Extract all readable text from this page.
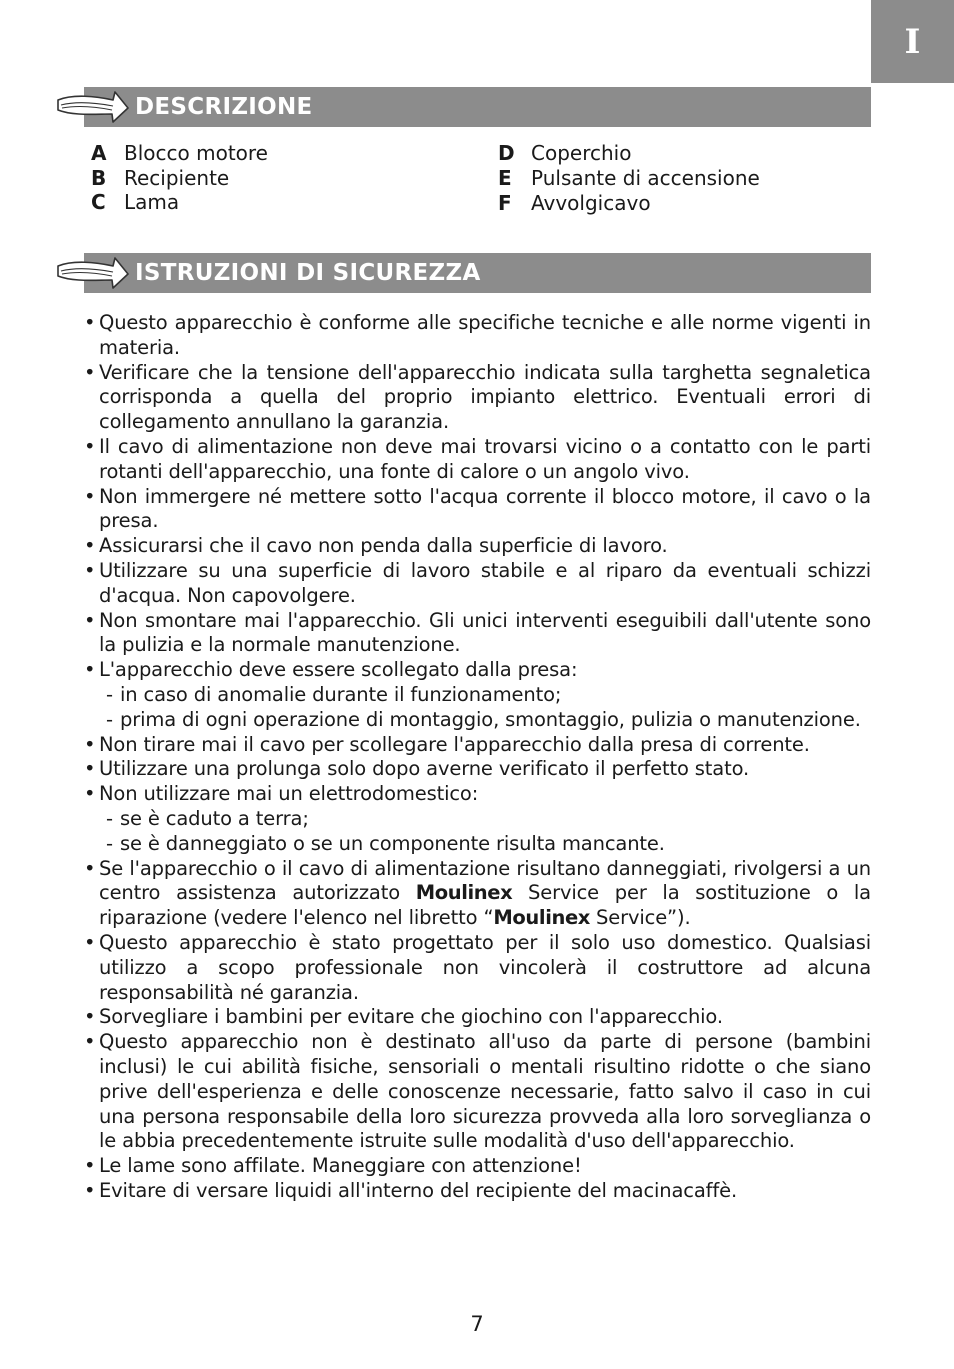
I
DESCRIZIONE
A Blocco motore
B Recipiente
C Lama
D Coperchio
E Pulsante di accensione
F Avvolgicavo
ISTRUZIONI DI SICUREZZA
• Questo apparecchio è conforme alle specifiche tecniche e alle norme vigenti in materia.
• Verificare che la tensione dell'apparecchio indicata sulla targhetta segnaletica corrisponda a quella del proprio impianto elettrico. Eventuali errori di collegamento annullano la garanzia.
• Il cavo di alimentazione non deve mai trovarsi vicino o a contatto con le parti rotanti dell'apparecchio, una fonte di calore o un angolo vivo.
• Non immergere né mettere sotto l'acqua corrente il blocco motore, il cavo o la presa.
• Assicurarsi che il cavo non penda dalla superficie di lavoro.
• Utilizzare su una superficie di lavoro stabile e al riparo da eventuali schizzi d'acqua. Non capovolgere.
• Non smontare mai l'apparecchio. Gli unici interventi eseguibili dall'utente sono la pulizia e la normale manutenzione.
• L'apparecchio deve essere scollegato dalla presa:
- in caso di anomalie durante il funzionamento;
- prima di ogni operazione di montaggio, smontaggio, pulizia o manutenzione.
• Non tirare mai il cavo per scollegare l'apparecchio dalla presa di corrente.
• Utilizzare una prolunga solo dopo averne verificato il perfetto stato.
• Non utilizzare mai un elettrodomestico:
- se è caduto a terra;
- se è danneggiato o se un componente risulta mancante.
• Se l'apparecchio o il cavo di alimentazione risultano danneggiati, rivolgersi a un centro assistenza autorizzato Moulinex Service per la sostituzione o la riparazione (vedere l'elenco nel libretto “Moulinex Service”).
• Questo apparecchio è stato progettato per il solo uso domestico. Qualsiasi utilizzo a scopo professionale non vincolerà il costruttore ad alcuna responsabilità né garanzia.
• Sorvegliare i bambini per evitare che giochino con l'apparecchio.
• Questo apparecchio non è destinato all'uso da parte di persone (bambini inclusi) le cui abilità fisiche, sensoriali o mentali risultino ridotte o che siano prive dell'esperienza e delle conoscenze necessarie, fatto salvo il caso in cui una persona responsabile della loro sicurezza provveda alla loro sorveglianza o le abbia precedentemente istruite sulle modalità d'uso dell'apparecchio.
• Le lame sono affilate. Maneggiare con attenzione!
• Evitare di versare liquidi all'interno del recipiente del macinacaffè.
7
